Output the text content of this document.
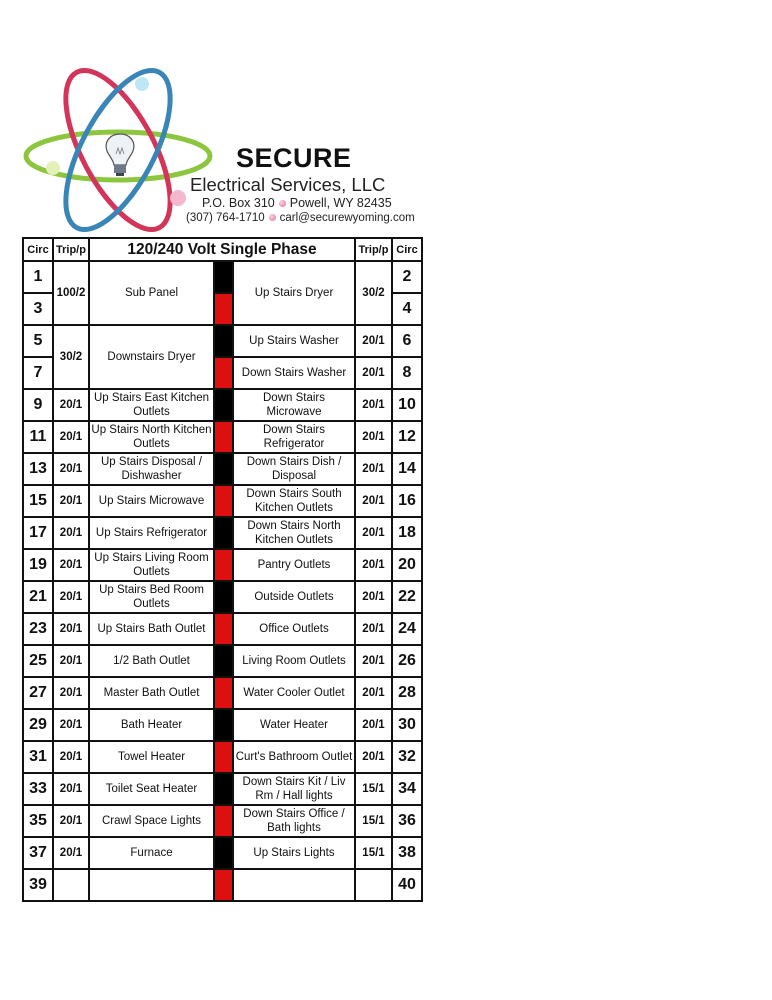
SECURE
Electrical Services, LLC
P.O. Box 310 Powell, WY 82435
(307) 764-1710 carl@securewyoming.com
Circ	Trip/p	120/240 Volt Single Phase			Trip/p	Circ
1	100/2	Sub Panel		Up Stairs Dryer	30/2	2
3						4
5	30/2	Downstairs Dryer		Up Stairs Washer	20/1	6
7				Down Stairs Washer	20/1	8
9	20/1	Up Stairs East Kitchen Outlets		Down Stairs Microwave	20/1	10
11	20/1	Up Stairs North Kitchen Outlets		Down Stairs Refrigerator	20/1	12
13	20/1	Up Stairs Disposal / Dishwasher		Down Stairs Dish / Disposal	20/1	14
15	20/1	Up Stairs Microwave		Down Stairs South Kitchen Outlets	20/1	16
17	20/1	Up Stairs Refrigerator		Down Stairs North Kitchen Outlets	20/1	18
19	20/1	Up Stairs Living Room Outlets		Pantry Outlets	20/1	20
21	20/1	Up Stairs Bed Room Outlets		Outside Outlets	20/1	22
23	20/1	Up Stairs Bath Outlet		Office Outlets	20/1	24
25	20/1	1/2 Bath Outlet		Living Room Outlets	20/1	26
27	20/1	Master Bath Outlet		Water Cooler Outlet	20/1	28
29	20/1	Bath Heater		Water Heater	20/1	30
31	20/1	Towel Heater		Curt's Bathroom Outlet	20/1	32
33	20/1	Toilet Seat Heater		Down Stairs Kit / Liv Rm / Hall lights	15/1	34
35	20/1	Crawl Space Lights		Down Stairs Office / Bath lights	15/1	36
37	20/1	Furnace		Up Stairs Lights	15/1	38
39						40
